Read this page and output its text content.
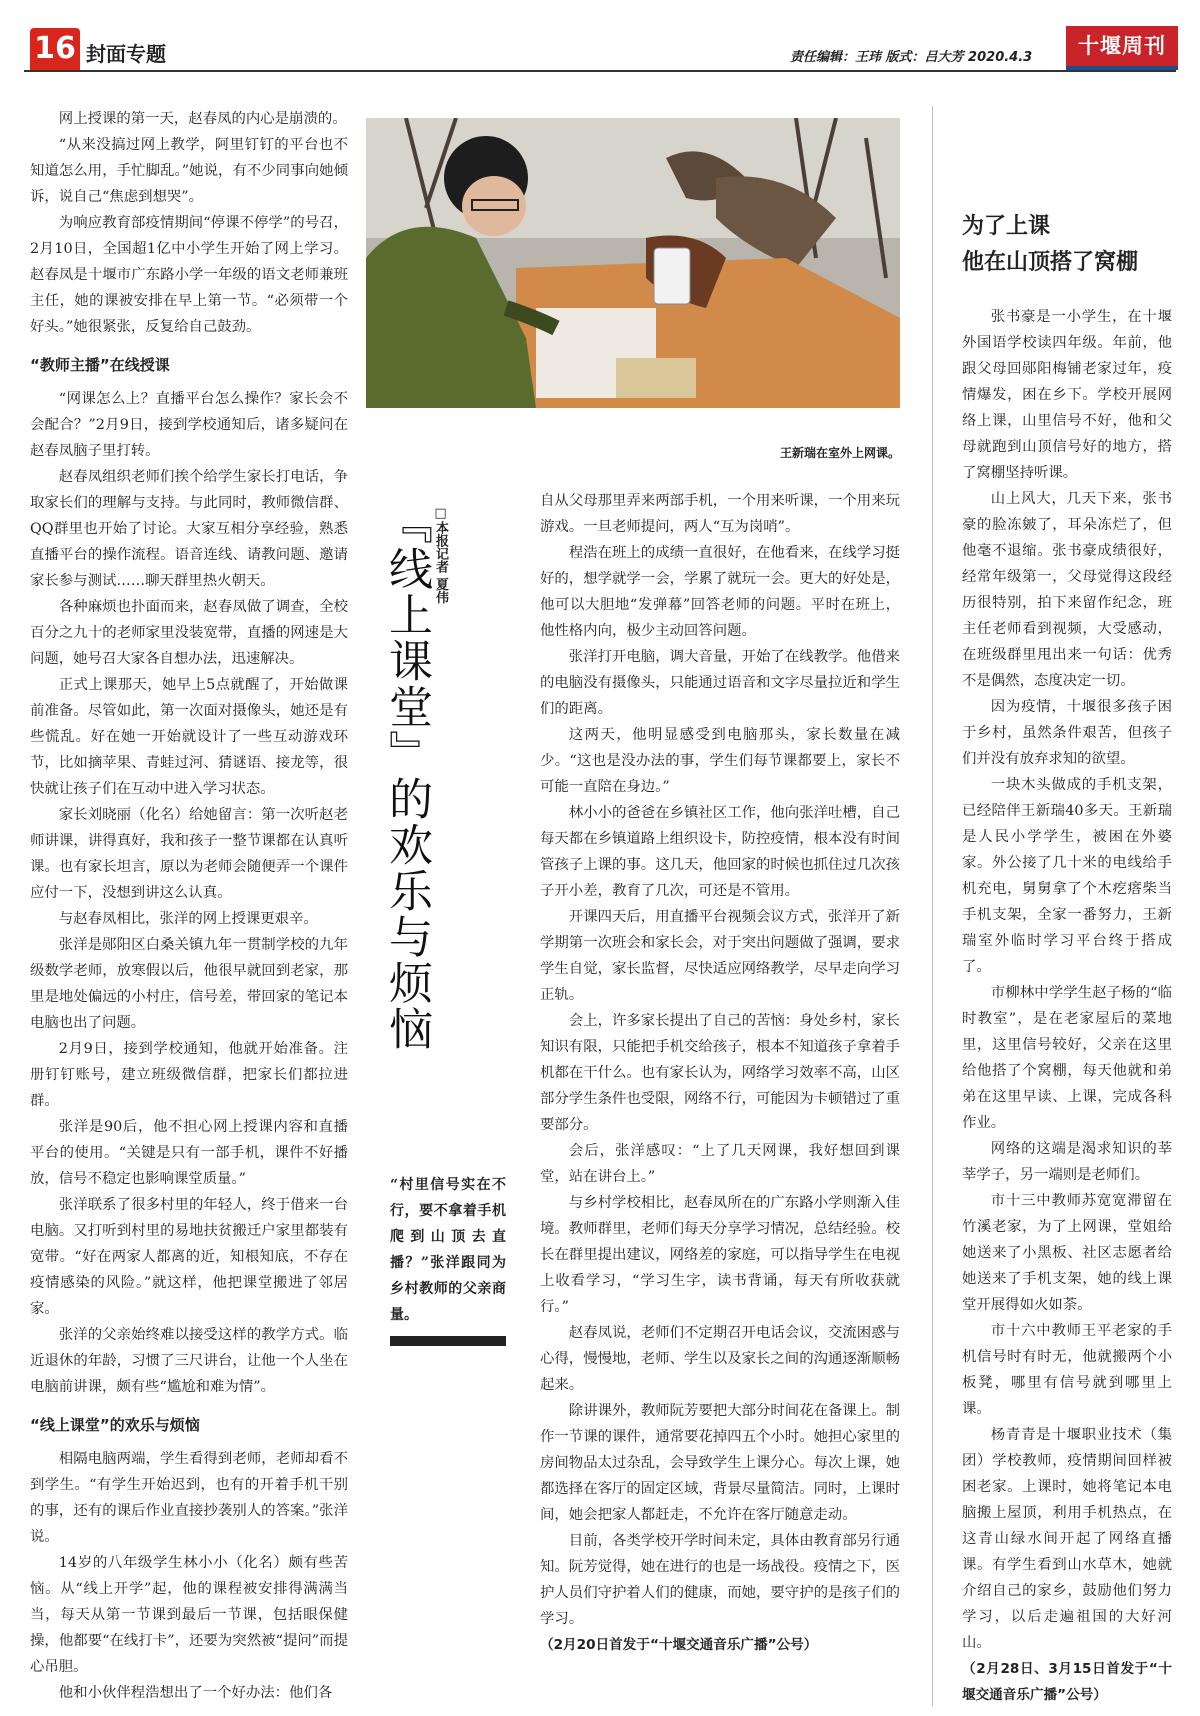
16 封面专题	责任编辑：王玮 版式：吕大芳 2020.4.3	十堰周刊

网上授课的第一天，赵春凤的内心是崩溃的。

“从来没搞过网上教学，阿里钉钉的平台也不知道怎么用，手忙脚乱。”她说，有不少同事向她倾诉，说自己“焦虑到想哭”。

为响应教育部疫情期间“停课不停学”的号召，2月10日，全国超1亿中小学生开始了网上学习。赵春凤是十堰市广东路小学一年级的语文老师兼班主任，她的课被安排在早上第一节。“必须带一个好头。”她很紧张，反复给自己鼓劲。

“教师主播”在线授课

“网课怎么上？直播平台怎么操作？家长会不会配合？”2月9日，接到学校通知后，诸多疑问在赵春凤脑子里打转。

赵春凤组织老师们挨个给学生家长打电话，争取家长们的理解与支持。与此同时，教师微信群、QQ群里也开始了讨论。大家互相分享经验，熟悉直播平台的操作流程。语音连线、请教问题、邀请家长参与测试……聊天群里热火朝天。

各种麻烦也扑面而来，赵春凤做了调查，全校百分之九十的老师家里没装宽带，直播的网速是大问题，她号召大家各自想办法，迅速解决。

正式上课那天，她早上5点就醒了，开始做课前准备。尽管如此，第一次面对摄像头，她还是有些慌乱。好在她一开始就设计了一些互动游戏环节，比如摘苹果、青蛙过河、猜谜语、接龙等，很快就让孩子们在互动中进入学习状态。

家长刘晓丽（化名）给她留言：第一次听赵老师讲课，讲得真好，我和孩子一整节课都在认真听课。也有家长坦言，原以为老师会随便弄一个课件应付一下，没想到讲这么认真。

与赵春凤相比，张洋的网上授课更艰辛。

张洋是郧阳区白桑关镇九年一贯制学校的九年级数学老师，放寒假以后，他很早就回到老家，那里是地处偏远的小村庄，信号差，带回家的笔记本电脑也出了问题。

2月9日，接到学校通知，他就开始准备。注册钉钉账号，建立班级微信群，把家长们都拉进群。

张洋是90后，他不担心网上授课内容和直播平台的使用。“关键是只有一部手机，课件不好播放，信号不稳定也影响课堂质量。”

张洋联系了很多村里的年轻人，终于借来一台电脑。又打听到村里的易地扶贫搬迁户家里都装有宽带。“好在两家人都离的近，知根知底，不存在疫情感染的风险。”就这样，他把课堂搬进了邻居家。

张洋的父亲始终难以接受这样的教学方式。临近退休的年龄，习惯了三尺讲台，让他一个人坐在电脑前讲课，颇有些“尴尬和难为情”。

“线上课堂”的欢乐与烦恼

相隔电脑两端，学生看得到老师，老师却看不到学生。“有学生开始迟到，也有的开着手机干别的事，还有的课后作业直接抄袭别人的答案。”张洋说。

14岁的八年级学生林小小（化名）颇有些苦恼。从“线上开学”起，他的课程被安排得满满当当，每天从第一节课到最后一节课，包括眼保健操，他都要“在线打卡”，还要为突然被“提问”而提心吊胆。

他和小伙伴程浩想出了一个好办法：他们各

王新瑞在室外上网课。
『线上课堂』的欢乐与烦恼 □本报记者 夏伟
“村里信号实在不行，要不拿着手机爬到山顶去直播？”张洋跟同为乡村教师的父亲商量。

自从父母那里弄来两部手机，一个用来听课，一个用来玩游戏。一旦老师提问，两人“互为岗哨”。

程浩在班上的成绩一直很好，在他看来，在线学习挺好的，想学就学一会，学累了就玩一会。更大的好处是，他可以大胆地“发弹幕”回答老师的问题。平时在班上，他性格内向，极少主动回答问题。

张洋打开电脑，调大音量，开始了在线教学。他借来的电脑没有摄像头，只能通过语音和文字尽量拉近和学生们的距离。

这两天，他明显感受到电脑那头，家长数量在减少。“这也是没办法的事，学生们每节课都要上，家长不可能一直陪在身边。”

林小小的爸爸在乡镇社区工作，他向张洋吐槽，自己每天都在乡镇道路上组织设卡，防控疫情，根本没有时间管孩子上课的事。这几天，他回家的时候也抓住过几次孩子开小差，教育了几次，可还是不管用。

开课四天后，用直播平台视频会议方式，张洋开了新学期第一次班会和家长会，对于突出问题做了强调，要求学生自觉，家长监督，尽快适应网络教学，尽早走向学习正轨。

会上，许多家长提出了自己的苦恼：身处乡村，家长知识有限，只能把手机交给孩子，根本不知道孩子拿着手机都在干什么。也有家长认为，网络学习效率不高，山区部分学生条件也受限，网络不行，可能因为卡顿错过了重要部分。

会后，张洋感叹：“上了几天网课，我好想回到课堂，站在讲台上。”

与乡村学校相比，赵春凤所在的广东路小学则渐入佳境。教师群里，老师们每天分享学习情况，总结经验。校长在群里提出建议，网络差的家庭，可以指导学生在电视上收看学习，“学习生字，读书背诵，每天有所收获就行。”

赵春凤说，老师们不定期召开电话会议，交流困惑与心得，慢慢地，老师、学生以及家长之间的沟通逐渐顺畅起来。

除讲课外，教师阮芳要把大部分时间花在备课上。制作一节课的课件，通常要花掉四五个小时。她担心家里的房间物品太过杂乱，会导致学生上课分心。每次上课，她都选择在客厅的固定区域，背景尽量简洁。同时，上课时间，她会把家人都赶走，不允许在客厅随意走动。

目前，各类学校开学时间未定，具体由教育部另行通知。阮芳觉得，她在进行的也是一场战役。疫情之下，医护人员们守护着人们的健康，而她，要守护的是孩子们的学习。

（2月20日首发于“十堰交通音乐广播”公号）

为了上课
他在山顶搭了窝棚

张书豪是一小学生，在十堰外国语学校读四年级。年前，他跟父母回郧阳梅铺老家过年，疫情爆发，困在乡下。学校开展网络上课，山里信号不好，他和父母就跑到山顶信号好的地方，搭了窝棚坚持听课。

山上风大，几天下来，张书豪的脸冻皴了，耳朵冻烂了，但他毫不退缩。张书豪成绩很好，经常年级第一，父母觉得这段经历很特别，拍下来留作纪念，班主任老师看到视频，大受感动，在班级群里甩出来一句话：优秀不是偶然，态度决定一切。

因为疫情，十堰很多孩子困于乡村，虽然条件艰苦，但孩子们并没有放弃求知的欲望。

一块木头做成的手机支架，已经陪伴王新瑞40多天。王新瑞是人民小学学生，被困在外婆家。外公接了几十米的电线给手机充电，舅舅拿了个木疙瘩柴当手机支架，全家一番努力，王新瑞室外临时学习平台终于搭成了。

市柳林中学学生赵子杨的“临时教室”，是在老家屋后的菜地里，这里信号较好，父亲在这里给他搭了个窝棚，每天他就和弟弟在这里早读、上课，完成各科作业。

网络的这端是渴求知识的莘莘学子，另一端则是老师们。

市十三中教师苏宽宽滞留在竹溪老家，为了上网课，堂姐给她送来了小黑板、社区志愿者给她送来了手机支架，她的线上课堂开展得如火如荼。

市十六中教师王平老家的手机信号时有时无，他就搬两个小板凳，哪里有信号就到哪里上课。

杨青青是十堰职业技术（集团）学校教师，疫情期间回样被困老家。上课时，她将笔记本电脑搬上屋顶，利用手机热点，在这青山绿水间开起了网络直播课。有学生看到山水草木，她就介绍自己的家乡，鼓励他们努力学习，以后走遍祖国的大好河山。

（2月28日、3月15日首发于“十堰交通音乐广播”公号）
